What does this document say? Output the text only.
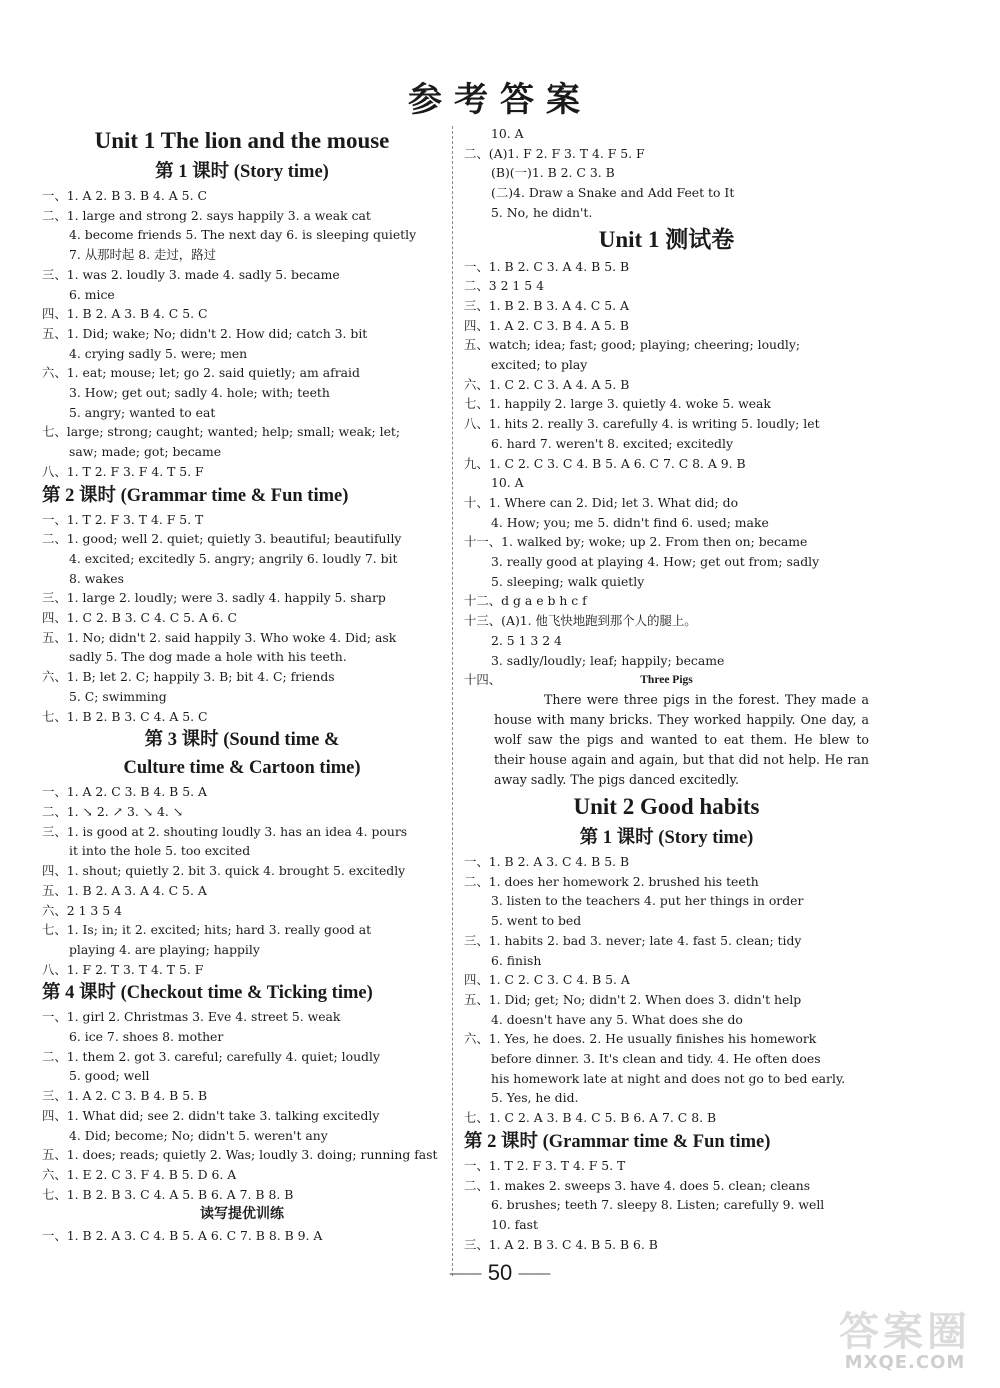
参考答案
Unit 1 The lion and the mouse
第 1 课时 (Story time)
一、1. A 2. B 3. B 4. A 5. C
二、1. large and strong 2. says happily 3. a weak cat
4. become friends 5. The next day 6. is sleeping quietly
7. 从那时起 8. 走过，路过
三、1. was 2. loudly 3. made 4. sadly 5. became
6. mice
四、1. B 2. A 3. B 4. C 5. C
五、1. Did; wake; No; didn't 2. How did; catch 3. bit
4. crying sadly 5. were; men
六、1. eat; mouse; let; go 2. said quietly; am afraid
3. How; get out; sadly 4. hole; with; teeth
5. angry; wanted to eat
七、large; strong; caught; wanted; help; small; weak; let;
saw; made; got; became
八、1. T 2. F 3. F 4. T 5. F
第 2 课时 (Grammar time & Fun time)
一、1. T 2. F 3. T 4. F 5. T
二、1. good; well 2. quiet; quietly 3. beautiful; beautifully
4. excited; excitedly 5. angry; angrily 6. loudly 7. bit
8. wakes
三、1. large 2. loudly; were 3. sadly 4. happily 5. sharp
四、1. C 2. B 3. C 4. C 5. A 6. C
五、1. No; didn't 2. said happily 3. Who woke 4. Did; ask
sadly 5. The dog made a hole with his teeth.
六、1. B; let 2. C; happily 3. B; bit 4. C; friends
5. C; swimming
七、1. B 2. B 3. C 4. A 5. C
第 3 课时 (Sound time &
Culture time & Cartoon time)
一、1. A 2. C 3. B 4. B 5. A
二、1. ↘ 2. ↗ 3. ↘ 4. ↘
三、1. is good at 2. shouting loudly 3. has an idea 4. pours
it into the hole 5. too excited
四、1. shout; quietly 2. bit 3. quick 4. brought 5. excitedly
五、1. B 2. A 3. A 4. C 5. A
六、2 1 3 5 4
七、1. Is; in; it 2. excited; hits; hard 3. really good at
playing 4. are playing; happily
八、1. F 2. T 3. T 4. T 5. F
第 4 课时 (Checkout time & Ticking time)
一、1. girl 2. Christmas 3. Eve 4. street 5. weak
6. ice 7. shoes 8. mother
二、1. them 2. got 3. careful; carefully 4. quiet; loudly
5. good; well
三、1. A 2. C 3. B 4. B 5. B
四、1. What did; see 2. didn't take 3. talking excitedly
4. Did; become; No; didn't 5. weren't any
五、1. does; reads; quietly 2. Was; loudly 3. doing; running fast
六、1. E 2. C 3. F 4. B 5. D 6. A
七、1. B 2. B 3. C 4. A 5. B 6. A 7. B 8. B
读写提优训练
一、1. B 2. A 3. C 4. B 5. A 6. C 7. B 8. B 9. A
10. A
二、(A)1. F 2. F 3. T 4. F 5. F
(B)(一)1. B 2. C 3. B
(二)4. Draw a Snake and Add Feet to It
5. No, he didn't.
Unit 1 测试卷
一、1. B 2. C 3. A 4. B 5. B
二、3 2 1 5 4
三、1. B 2. B 3. A 4. C 5. A
四、1. A 2. C 3. B 4. A 5. B
五、watch; idea; fast; good; playing; cheering; loudly;
excited; to play
六、1. C 2. C 3. A 4. A 5. B
七、1. happily 2. large 3. quietly 4. woke 5. weak
八、1. hits 2. really 3. carefully 4. is writing 5. loudly; let
6. hard 7. weren't 8. excited; excitedly
九、1. C 2. C 3. C 4. B 5. A 6. C 7. C 8. A 9. B
10. A
十、1. Where can 2. Did; let 3. What did; do
4. How; you; me 5. didn't find 6. used; make
十一、1. walked by; woke; up 2. From then on; became
3. really good at playing 4. How; get out from; sadly
5. sleeping; walk quietly
十二、d g a e b h c f
十三、(A)1. 他飞快地跑到那个人的腿上。
2. 5 1 3 2 4
3. sadly/loudly; leaf; happily; became
十四、	Three Pigs
There were three pigs in the forest. They made a house with many bricks. They worked happily. One day, a wolf saw the pigs and wanted to eat them. He blew to their house again and again, but that did not help. He ran away sadly. The pigs danced excitedly.
Unit 2 Good habits
第 1 课时 (Story time)
一、1. B 2. A 3. C 4. B 5. B
二、1. does her homework 2. brushed his teeth
3. listen to the teachers 4. put her things in order
5. went to bed
三、1. habits 2. bad 3. never; late 4. fast 5. clean; tidy
6. finish
四、1. C 2. C 3. C 4. B 5. A
五、1. Did; get; No; didn't 2. When does 3. didn't help
4. doesn't have any 5. What does she do
六、1. Yes, he does. 2. He usually finishes his homework
before dinner. 3. It's clean and tidy. 4. He often does
his homework late at night and does not go to bed early.
5. Yes, he did.
七、1. C 2. A 3. B 4. C 5. B 6. A 7. C 8. B
第 2 课时 (Grammar time & Fun time)
一、1. T 2. F 3. T 4. F 5. T
二、1. makes 2. sweeps 3. have 4. does 5. clean; cleans
6. brushes; teeth 7. sleepy 8. Listen; carefully 9. well
10. fast
三、1. A 2. B 3. C 4. B 5. B 6. B
—— 50 ——
答案圈
MXQE.COM
